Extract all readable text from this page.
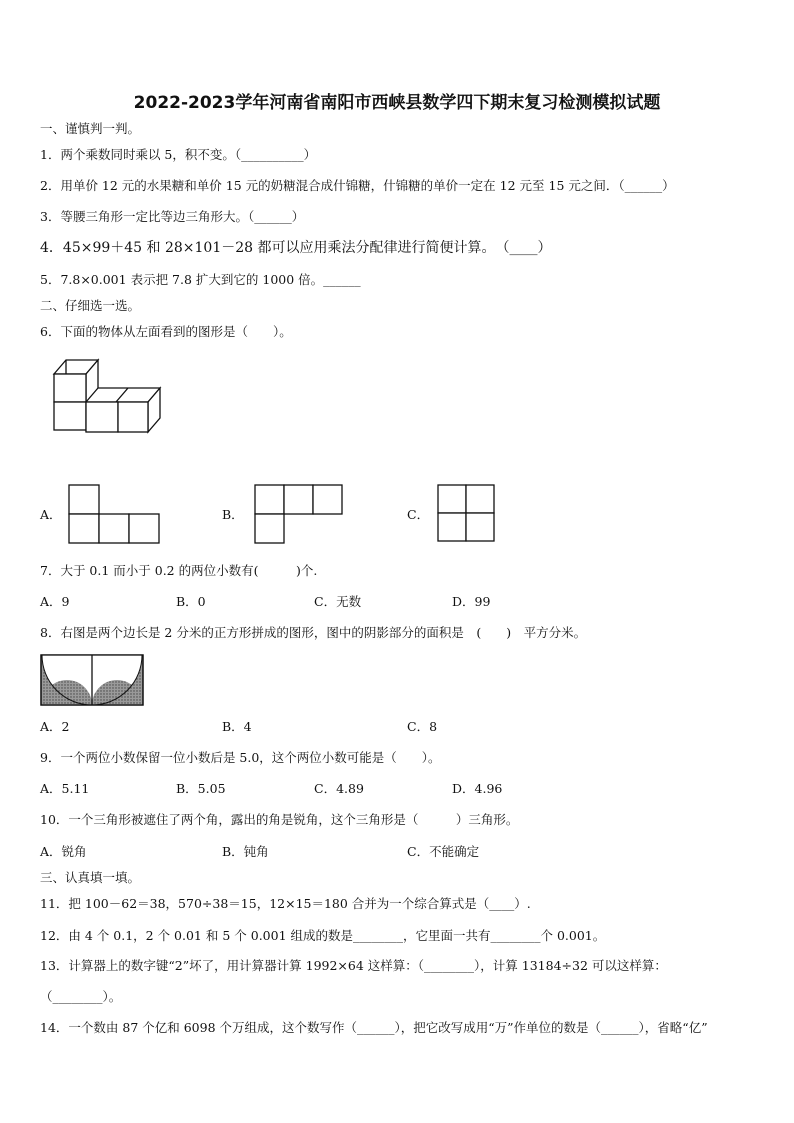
2022-2023学年河南省南阳市西峡县数学四下期末复习检测模拟试题
一、谨慎判一判。
1．两个乘数同时乘以 5，积不变。（__________）
2．用单价 12 元的水果糖和单价 15 元的奶糖混合成什锦糖，什锦糖的单价一定在 12 元至 15 元之间．（______）
3．等腰三角形一定比等边三角形大。（______）
4．45×99＋45 和 28×101－28 都可以应用乘法分配律进行简便计算。　（____）
5．7.8×0.001 表示把 7.8 扩大到它的 1000 倍。______
二、仔细选一选。
6．下面的物体从左面看到的图形是（　　）。
A．	B．	C．
7．大于 0.1 而小于 0.2 的两位小数有(　　　)个.
A．9	B．0	C．无数	D．99
8．右图是两个边长是 2 分米的正方形拼成的图形，图中的阴影部分的面积是　(　　)　平方分米。
A．2	B．4	C．8
9．一个两位小数保留一位小数后是 5.0，这个两位小数可能是（　　）。
A．5.11	B．5.05	C．4.89	D．4.96
10．一个三角形被遮住了两个角，露出的角是锐角，这个三角形是（　　　）三角形。
A．锐角	B．钝角	C．不能确定
三、认真填一填。
11．把 100－62＝38，570÷38＝15，12×15＝180 合并为一个综合算式是（____）.
12．由 4 个 0.1，2 个 0.01 和 5 个 0.001 组成的数是________，它里面一共有________个 0.001。
13．计算器上的数字键“2”坏了，用计算器计算 1992×64 这样算：（________），计算 13184÷32 可以这样算：
（________）。
14．一个数由 87 个亿和 6098 个万组成，这个数写作（______），把它改写成用“万”作单位的数是（______），省略“亿”
